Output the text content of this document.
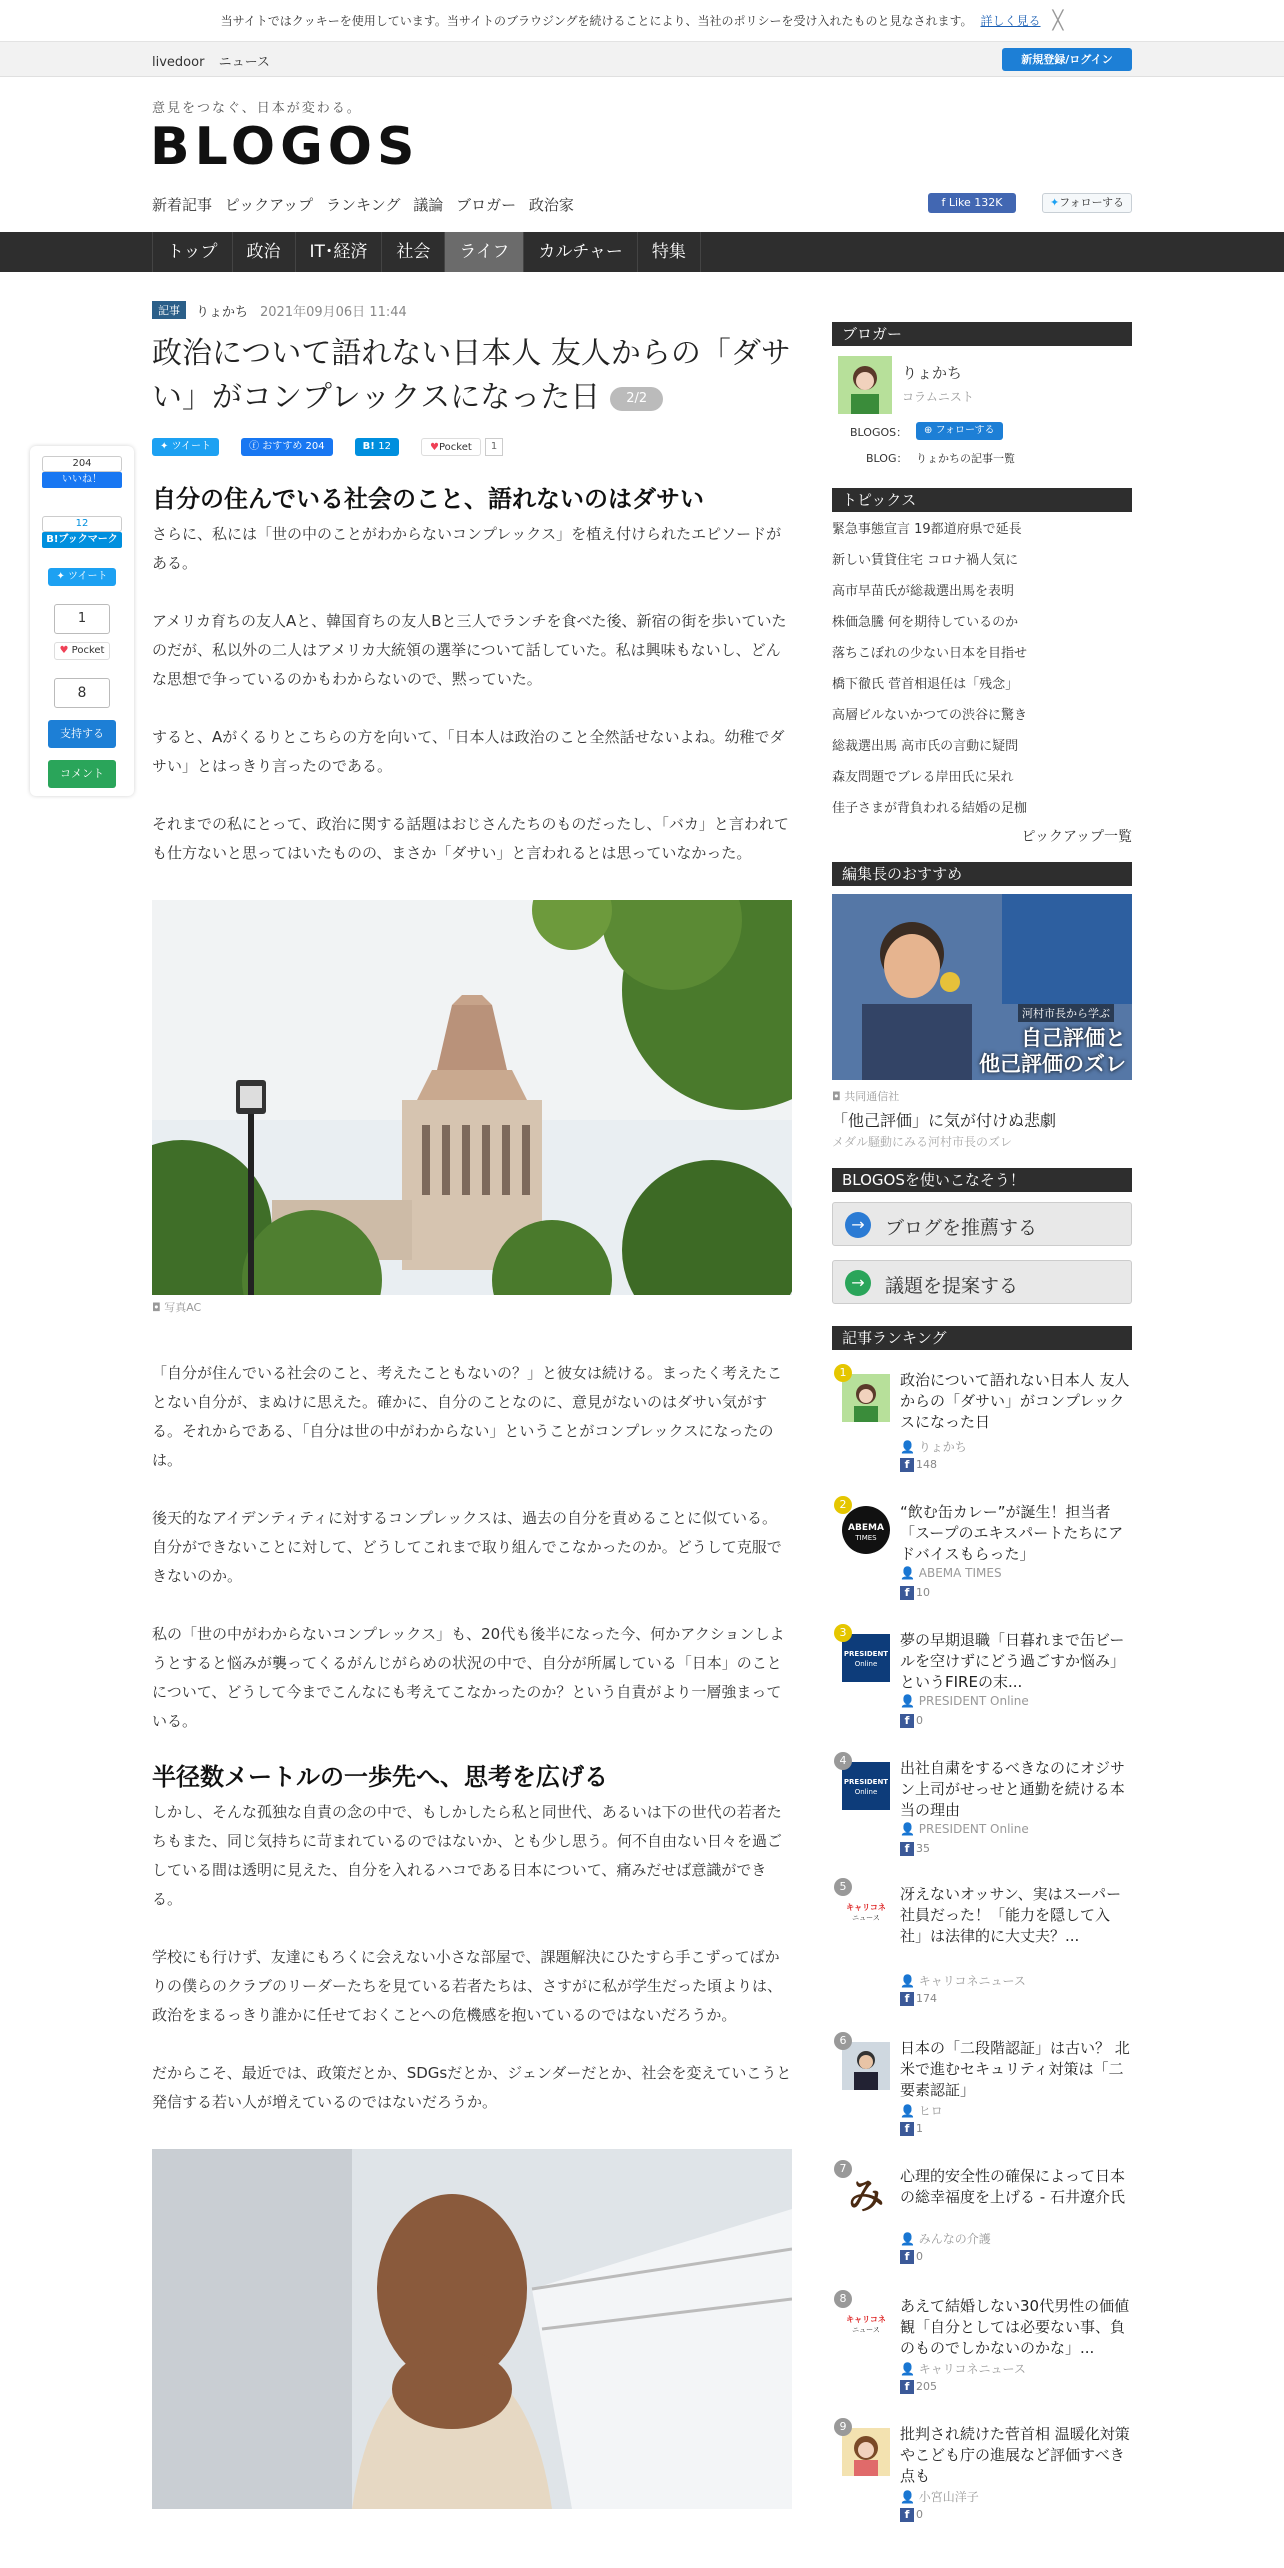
当サイトではクッキーを使用しています。当サイトのブラウジングを続けることにより、当社のポリシーを受け入れたものと見なされます。 詳しく見る ╳
livedoor ニュース	新規登録/ログイン
意見をつなぐ、日本が変わる。
BLOGOS
新着記事 ピックアップ ランキング 議論 ブロガー 政治家	f Like 132K	✦フォローする
トップ	政治	IT･経済	社会	ライフ	カルチャー	特集
204
いいね！
12
B!ブックマーク
✦ ツイート
1
♥ Pocket
8
支持する
コメント
記事	りょかち 2021年09月06日 11:44
政治について語れない日本人 友人からの「ダサい」がコンプレックスになった日 2/2
✦ ツイート	ⓕ おすすめ 204	B! 12	♥Pocket	1
自分の住んでいる社会のこと、語れないのはダサい

さらに、私には「世の中のことがわからないコンプレックス」を植え付けられたエピソードがある。

アメリカ育ちの友人Aと、韓国育ちの友人Bと三人でランチを食べた後、新宿の街を歩いていたのだが、私以外の二人はアメリカ大統領の選挙について話していた。私は興味もないし、どんな思想で争っているのかもわからないので、黙っていた。

すると、Aがくるりとこちらの方を向いて、「日本人は政治のこと全然話せないよね。幼稚でダサい」とはっきり言ったのである。

それまでの私にとって、政治に関する話題はおじさんたちのものだったし、「バカ」と言われても仕方ないと思ってはいたものの、まさか「ダサい」と言われるとは思っていなかった。

◘ 写真AC

「自分が住んでいる社会のこと、考えたこともないの？」と彼女は続ける。まったく考えたことない自分が、まぬけに思えた。確かに、自分のことなのに、意見がないのはダサい気がする。それからである、「自分は世の中がわからない」ということがコンプレックスになったのは。

後天的なアイデンティティに対するコンプレックスは、過去の自分を責めることに似ている。自分ができないことに対して、どうしてこれまで取り組んでこなかったのか。どうして克服できないのか。

私の「世の中がわからないコンプレックス」も、20代も後半になった今、何かアクションしようとすると悩みが襲ってくるがんじがらめの状況の中で、自分が所属している「日本」のことについて、どうして今までこんなにも考えてこなかったのか？という自責がより一層強まっている。

半径数メートルの一歩先へ、思考を広げる

しかし、そんな孤独な自責の念の中で、もしかしたら私と同世代、あるいは下の世代の若者たちもまた、同じ気持ちに苛まれているのではないか、とも少し思う。何不自由ない日々を過ごしている間は透明に見えた、自分を入れるハコである日本について、痛みだせば意識ができる。

学校にも行けず、友達にもろくに会えない小さな部屋で、課題解決にひたすら手こずってばかりの僕らのクラブのリーダーたちを見ている若者たちは、さすがに私が学生だった頃よりは、政治をまるっきり誰かに任せておくことへの危機感を抱いているのではないだろうか。

だからこそ、最近では、政策だとか、SDGsだとか、ジェンダーだとか、社会を変えていこうと発信する若い人が増えているのではないだろうか。

ブロガー
りょかち
コラムニスト
BLOGOS：	⊕ フォローする
BLOG： りょかちの記事一覧
トピックス
緊急事態宣言 19都道府県で延長
新しい賃貸住宅 コロナ禍人気に
高市早苗氏が総裁選出馬を表明
株価急騰 何を期待しているのか
落ちこぼれの少ない日本を目指せ
橋下徹氏 菅首相退任は「残念」
高層ビルないかつての渋谷に驚き
総裁選出馬 高市氏の言動に疑問
森友問題でブレる岸田氏に呆れ
佳子さまが背負われる結婚の足枷
ピックアップ一覧
編集長のおすすめ
河村市長から学ぶ
自己評価と
他己評価のズレ
◘ 共同通信社
「他己評価」に気が付けぬ悲劇
メダル騒動にみる河村市長のズレ
BLOGOSを使いこなそう！
→	ブログを推薦する
→	議題を提案する
記事ランキング
1	政治について語れない日本人 友人からの「ダサい」がコンプレックスになった日
👤 りょかち
f 148
2
ABEMA
TIMES
“飲む缶カレー”が誕生！担当者「スープのエキスパートたちにアドバイスもらった」
👤 ABEMA TIMES
f 10
3
PRESIDENT
Online
夢の早期退職「日暮れまで缶ビールを空けずにどう過ごすか悩み」というFIREの末...
👤 PRESIDENT Online
f 0
4
PRESIDENT
Online
出社自粛をするべきなのにオジサン上司がせっせと通勤を続ける本当の理由
👤 PRESIDENT Online
f 35
5
キャリコネ
ニュース
冴えないオッサン、実はスーパー社員だった！「能力を隠して入社」は法律的に大丈夫？...
👤 キャリコネニュース
f 174
6	日本の「二段階認証」は古い？ 北米で進むセキュリティ対策は「二要素認証」
👤 ヒロ
f 1
7
み 心理的安全性の確保によって日本の総幸福度を上げる - 石井遼介氏
👤 みんなの介護
f 0
8
キャリコネ
ニュース
あえて結婚しない30代男性の価値観「自分としては必要ない事、負のものでしかないのかな」...
👤 キャリコネニュース
f 205
9	批判され続けた菅首相 温暖化対策やこども庁の進展など評価すべき点も
👤 小宮山洋子
f 0
